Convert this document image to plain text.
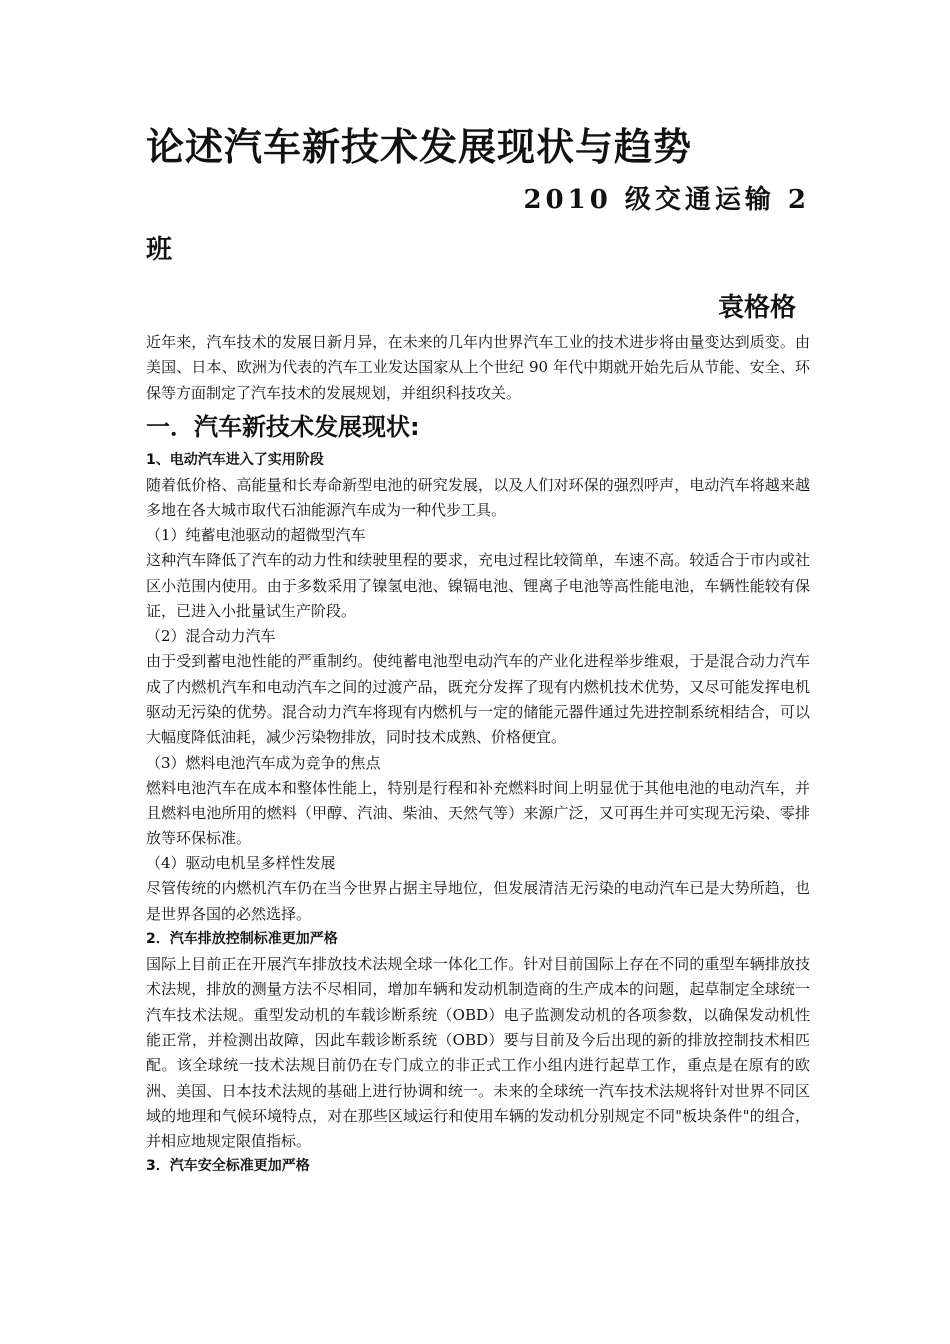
论述汽车新技术发展现状与趋势

2010 级交通运输 2

班

袁格格

近年来，汽车技术的发展日新月异，在未来的几年内世界汽车工业的技术进步将由量变达到质变。由美国、日本、欧洲为代表的汽车工业发达国家从上个世纪 90 年代中期就开始先后从节能、安全、环保等方面制定了汽车技术的发展规划，并组织科技攻关。

一．汽车新技术发展现状:

1、电动汽车进入了实用阶段

随着低价格、高能量和长寿命新型电池的研究发展，以及人们对环保的强烈呼声，电动汽车将越来越多地在各大城市取代石油能源汽车成为一种代步工具。

（1）纯蓄电池驱动的超微型汽车

这种汽车降低了汽车的动力性和续驶里程的要求，充电过程比较简单，车速不高。较适合于市内或社区小范围内使用。由于多数采用了镍氢电池、镍镉电池、锂离子电池等高性能电池，车辆性能较有保证，已进入小批量试生产阶段。

（2）混合动力汽车

由于受到蓄电池性能的严重制约。使纯蓄电池型电动汽车的产业化进程举步维艰，于是混合动力汽车成了内燃机汽车和电动汽车之间的过渡产品，既充分发挥了现有内燃机技术优势，又尽可能发挥电机驱动无污染的优势。混合动力汽车将现有内燃机与一定的储能元器件通过先进控制系统相结合，可以大幅度降低油耗，减少污染物排放，同时技术成熟、价格便宜。

（3）燃料电池汽车成为竞争的焦点

燃料电池汽车在成本和整体性能上，特别是行程和补充燃料时间上明显优于其他电池的电动汽车，并且燃料电池所用的燃料（甲醇、汽油、柴油、天然气等）来源广泛，又可再生并可实现无污染、零排放等环保标准。

（4）驱动电机呈多样性发展

尽管传统的内燃机汽车仍在当今世界占据主导地位，但发展清洁无污染的电动汽车已是大势所趋，也是世界各国的必然选择。

2．汽车排放控制标准更加严格

国际上目前正在开展汽车排放技术法规全球一体化工作。针对目前国际上存在不同的重型车辆排放技术法规，排放的测量方法不尽相同，增加车辆和发动机制造商的生产成本的问题，起草制定全球统一汽车技术法规。重型发动机的车载诊断系统（OBD）电子监测发动机的各项参数，以确保发动机性能正常，并检测出故障，因此车载诊断系统（OBD）要与目前及今后出现的新的排放控制技术相匹配。该全球统一技术法规目前仍在专门成立的非正式工作小组内进行起草工作，重点是在原有的欧洲、美国、日本技术法规的基础上进行协调和统一。未来的全球统一汽车技术法规将针对世界不同区域的地理和气候环境特点，对在那些区域运行和使用车辆的发动机分别规定不同"板块条件"的组合，并相应地规定限值指标。

3．汽车安全标准更加严格
